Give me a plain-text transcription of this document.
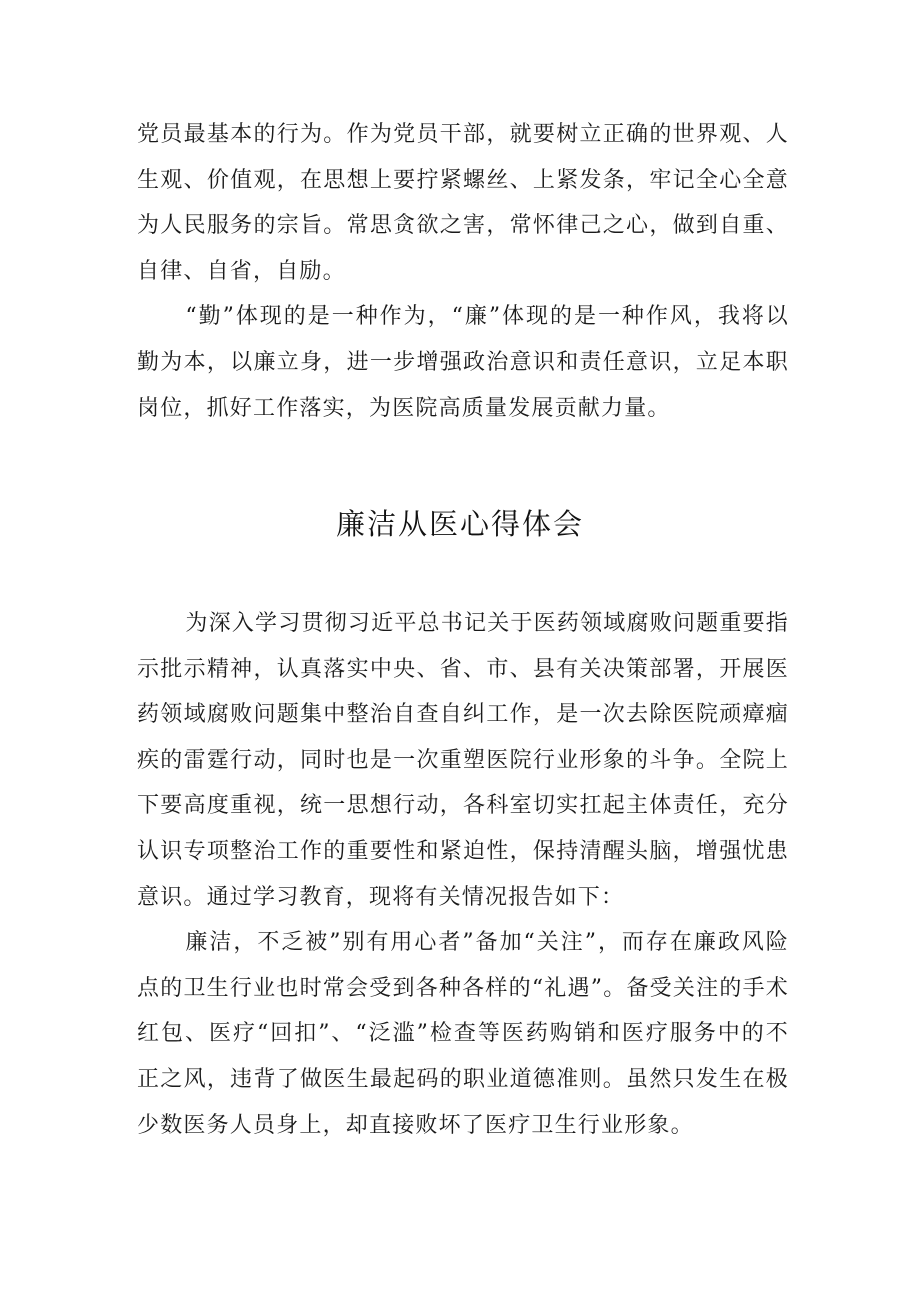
党员最基本的行为。作为党员干部，就要树立正确的世界观、人生观、价值观，在思想上要拧紧螺丝、上紧发条，牢记全心全意为人民服务的宗旨。常思贪欲之害，常怀律己之心，做到自重、自律、自省，自励。

“勤”体现的是一种作为，“廉”体现的是一种作风，我将以勤为本，以廉立身，进一步增强政治意识和责任意识，立足本职岗位，抓好工作落实，为医院高质量发展贡献力量。

廉洁从医心得体会

为深入学习贯彻习近平总书记关于医药领域腐败问题重要指示批示精神，认真落实中央、省、市、县有关决策部署，开展医药领域腐败问题集中整治自查自纠工作，是一次去除医院顽瘴痼疾的雷霆行动，同时也是一次重塑医院行业形象的斗争。全院上下要高度重视，统一思想行动，各科室切实扛起主体责任，充分认识专项整治工作的重要性和紧迫性，保持清醒头脑，增强忧患意识。通过学习教育，现将有关情况报告如下：

廉洁，不乏被”别有用心者”备加“关注”，而存在廉政风险点的卫生行业也时常会受到各种各样的“礼遇”。备受关注的手术红包、医疗“回扣”、“泛滥”检查等医药购销和医疗服务中的不正之风，违背了做医生最起码的职业道德准则。虽然只发生在极少数医务人员身上，却直接败坏了医疗卫生行业形象。
